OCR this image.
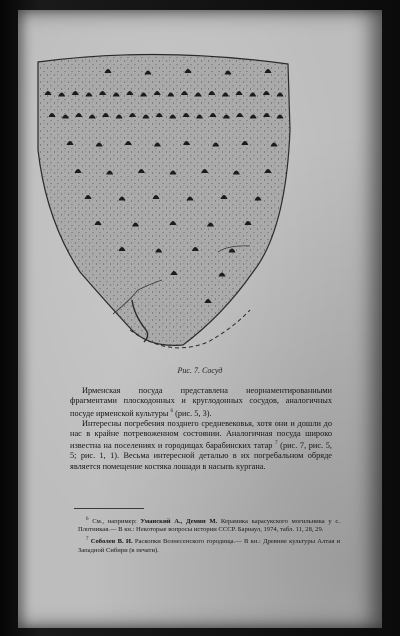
Рис. 7. Сосуд

Ирменская посуда представлена неорнаментированными фрагментами плоскодонных и круглодонных сосудов, аналогичных посуде ирменской культуры $^6$ (рис. 5, 3).

Интересны погребения позднего средневековья, хотя они и дошли до нас в крайне потревоженном состоянии. Аналогичная посуда широко известна на поселениях и городищах барабинских татар $^7$ (рис. 7, рис. 5, 5; рис. 1, 1). Весьма интересной деталью в их погребальном обряде является помещение костяка лошади в насыпь кургана.

$^6$ См., например: Уманский А., Демин М. Керамика карасукского могильника у с. Плотникая.— В кн.: Некоторые вопросы истории СССР. Барнаул, 1974, табл. 11, 28, 29.

$^7$ Соболев В. И. Раскопки Вознесенского городища.— В кн.: Древние культуры Алтая и Западной Сибири (в печати).
